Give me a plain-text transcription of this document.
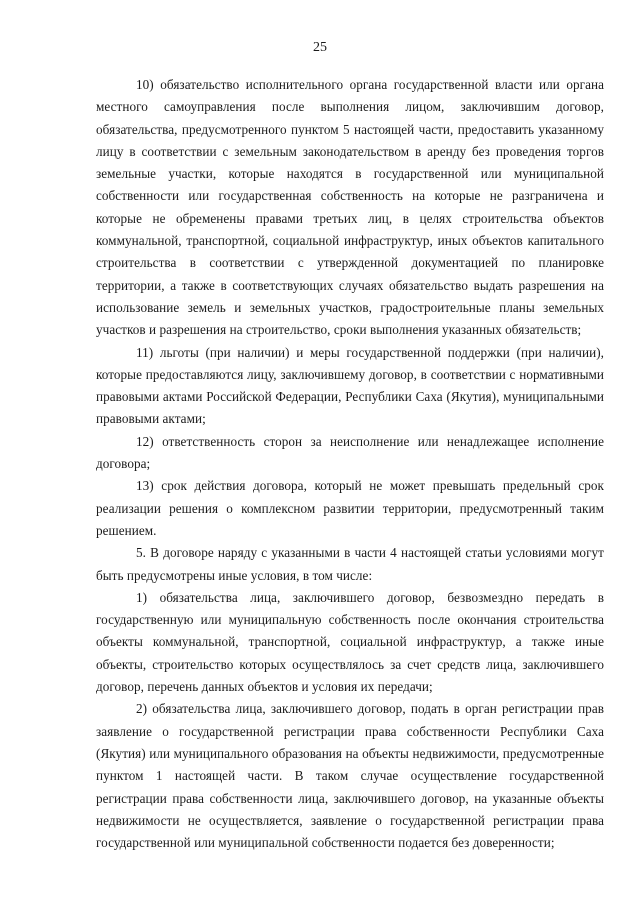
25

10) обязательство исполнительного органа государственной власти или органа местного самоуправления после выполнения лицом, заключившим договор, обязательства, предусмотренного пунктом 5 настоящей части, предоставить указанному лицу в соответствии с земельным законодательством в аренду без проведения торгов земельные участки, которые находятся в государственной или муниципальной собственности или государственная собственность на которые не разграничена и которые не обременены правами третьих лиц, в целях строительства объектов коммунальной, транспортной, социальной инфраструктур, иных объектов капитального строительства в соответствии с утвержденной документацией по планировке территории, а также в соответствующих случаях обязательство выдать разрешения на использование земель и земельных участков, градостроительные планы земельных участков и разрешения на строительство, сроки выполнения указанных обязательств;

11) льготы (при наличии) и меры государственной поддержки (при наличии), которые предоставляются лицу, заключившему договор, в соответствии с нормативными правовыми актами Российской Федерации, Республики Саха (Якутия), муниципальными правовыми актами;

12) ответственность сторон за неисполнение или ненадлежащее исполнение договора;

13) срок действия договора, который не может превышать предельный срок реализации решения о комплексном развитии территории, предусмотренный таким решением.

5. В договоре наряду с указанными в части 4 настоящей статьи условиями могут быть предусмотрены иные условия, в том числе:

1) обязательства лица, заключившего договор, безвозмездно передать в государственную или муниципальную собственность после окончания строительства объекты коммунальной, транспортной, социальной инфраструктур, а также иные объекты, строительство которых осуществлялось за счет средств лица, заключившего договор, перечень данных объектов и условия их передачи;

2) обязательства лица, заключившего договор, подать в орган регистрации прав заявление о государственной регистрации права собственности Республики Саха (Якутия) или муниципального образования на объекты недвижимости, предусмотренные пунктом 1 настоящей части. В таком случае осуществление государственной регистрации права собственности лица, заключившего договор, на указанные объекты недвижимости не осуществляется, заявление о государственной регистрации права государственной или муниципальной собственности подается без доверенности;
